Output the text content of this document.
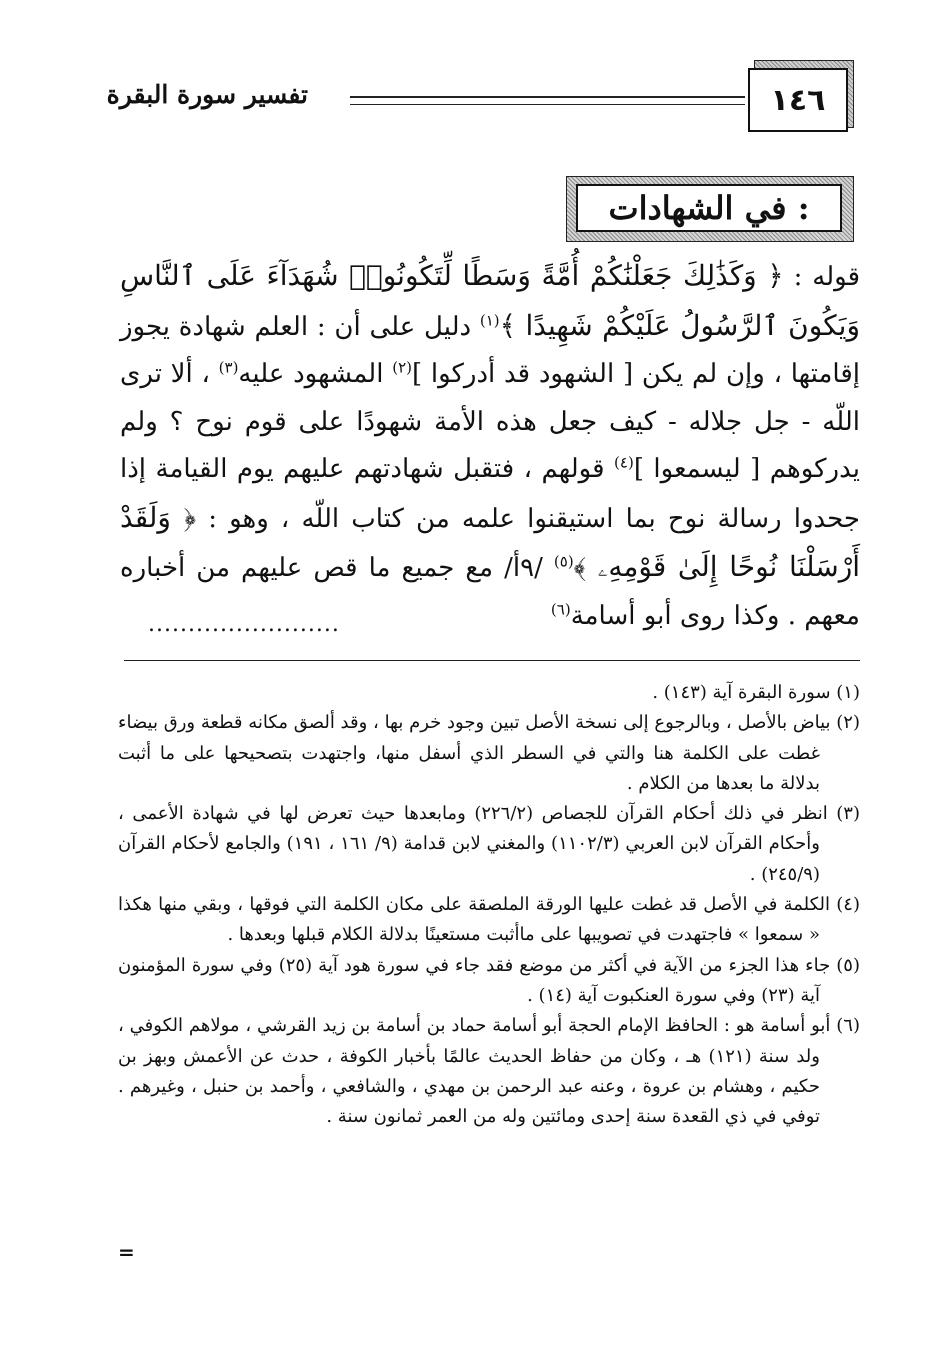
١٤٦
تفسير سورة البقرة
في الشهادات :

قوله : ﴿ وَكَذَٰلِكَ جَعَلْنَٰكُمْ أُمَّةً وَسَطًا لِّتَكُونُوا۟ شُهَدَآءَ عَلَى ٱلنَّاسِ وَيَكُونَ ٱلرَّسُولُ عَلَيْكُمْ شَهِيدًا ﴾$^{(١)}$ دليل على أن : العلم شهادة يجوز إقامتها ، وإن لم يكن [ الشهود قد أدركوا ]$^{(٢)}$ المشهود عليه$^{(٣)}$ ، ألا ترى اللّه - جل جلاله - كيف جعل هذه الأمة شهودًا على قوم نوح ؟ ولم يدركوهم [ ليسمعوا ]$^{(٤)}$ قولهم ، فتقبل شهادتهم عليهم يوم القيامة إذا جحدوا رسالة نوح بما استيقنوا علمه من كتاب اللّه ، وهو : ﴿ وَلَقَدْ أَرْسَلْنَا نُوحًا إِلَىٰ قَوْمِهِۦ ﴾$^{(٥)}$ /٩أ/ مع جميع ما قص عليهم من أخباره معهم . وكذا روى أبو أسامة$^{(٦)}$

........................

(١) سورة البقرة آية (١٤٣) .

(٢) بياض بالأصل ، وبالرجوع إلى نسخة الأصل تبين وجود خرم بها ، وقد ألصق مكانه قطعة ورق بيضاء غطت على الكلمة هنا والتي في السطر الذي أسفل منها، واجتهدت بتصحيحها على ما أثبت بدلالة ما بعدها من الكلام .

(٣) انظر في ذلك أحكام القرآن للجصاص (٢٢٦/٢) ومابعدها حيث تعرض لها في شهادة الأعمى ، وأحكام القرآن لابن العربي (١١٠٢/٣) والمغني لابن قدامة (٩/ ١٦١ ، ١٩١) والجامع لأحكام القرآن (٢٤٥/٩) .

(٤) الكلمة في الأصل قد غطت عليها الورقة الملصقة على مكان الكلمة التي فوقها ، وبقي منها هكذا « سمعوا » فاجتهدت في تصويبها على ماأثبت مستعينًا بدلالة الكلام قبلها وبعدها .

(٥) جاء هذا الجزء من الآية في أكثر من موضع فقد جاء في سورة هود آية (٢٥) وفي سورة المؤمنون آية (٢٣) وفي سورة العنكبوت آية (١٤) .

(٦) أبو أسامة هو : الحافظ الإمام الحجة أبو أسامة حماد بن أسامة بن زيد القرشي ، مولاهم الكوفي ، ولد سنة (١٢١) هـ ، وكان من حفاظ الحديث عالمًا بأخبار الكوفة ، حدث عن الأعمش وبهز بن حكيم ، وهشام بن عروة ، وعنه عبد الرحمن بن مهدي ، والشافعي ، وأحمد بن حنبل ، وغيرهم . توفي في ذي القعدة سنة إحدى ومائتين وله من العمر ثمانون سنة .

=
